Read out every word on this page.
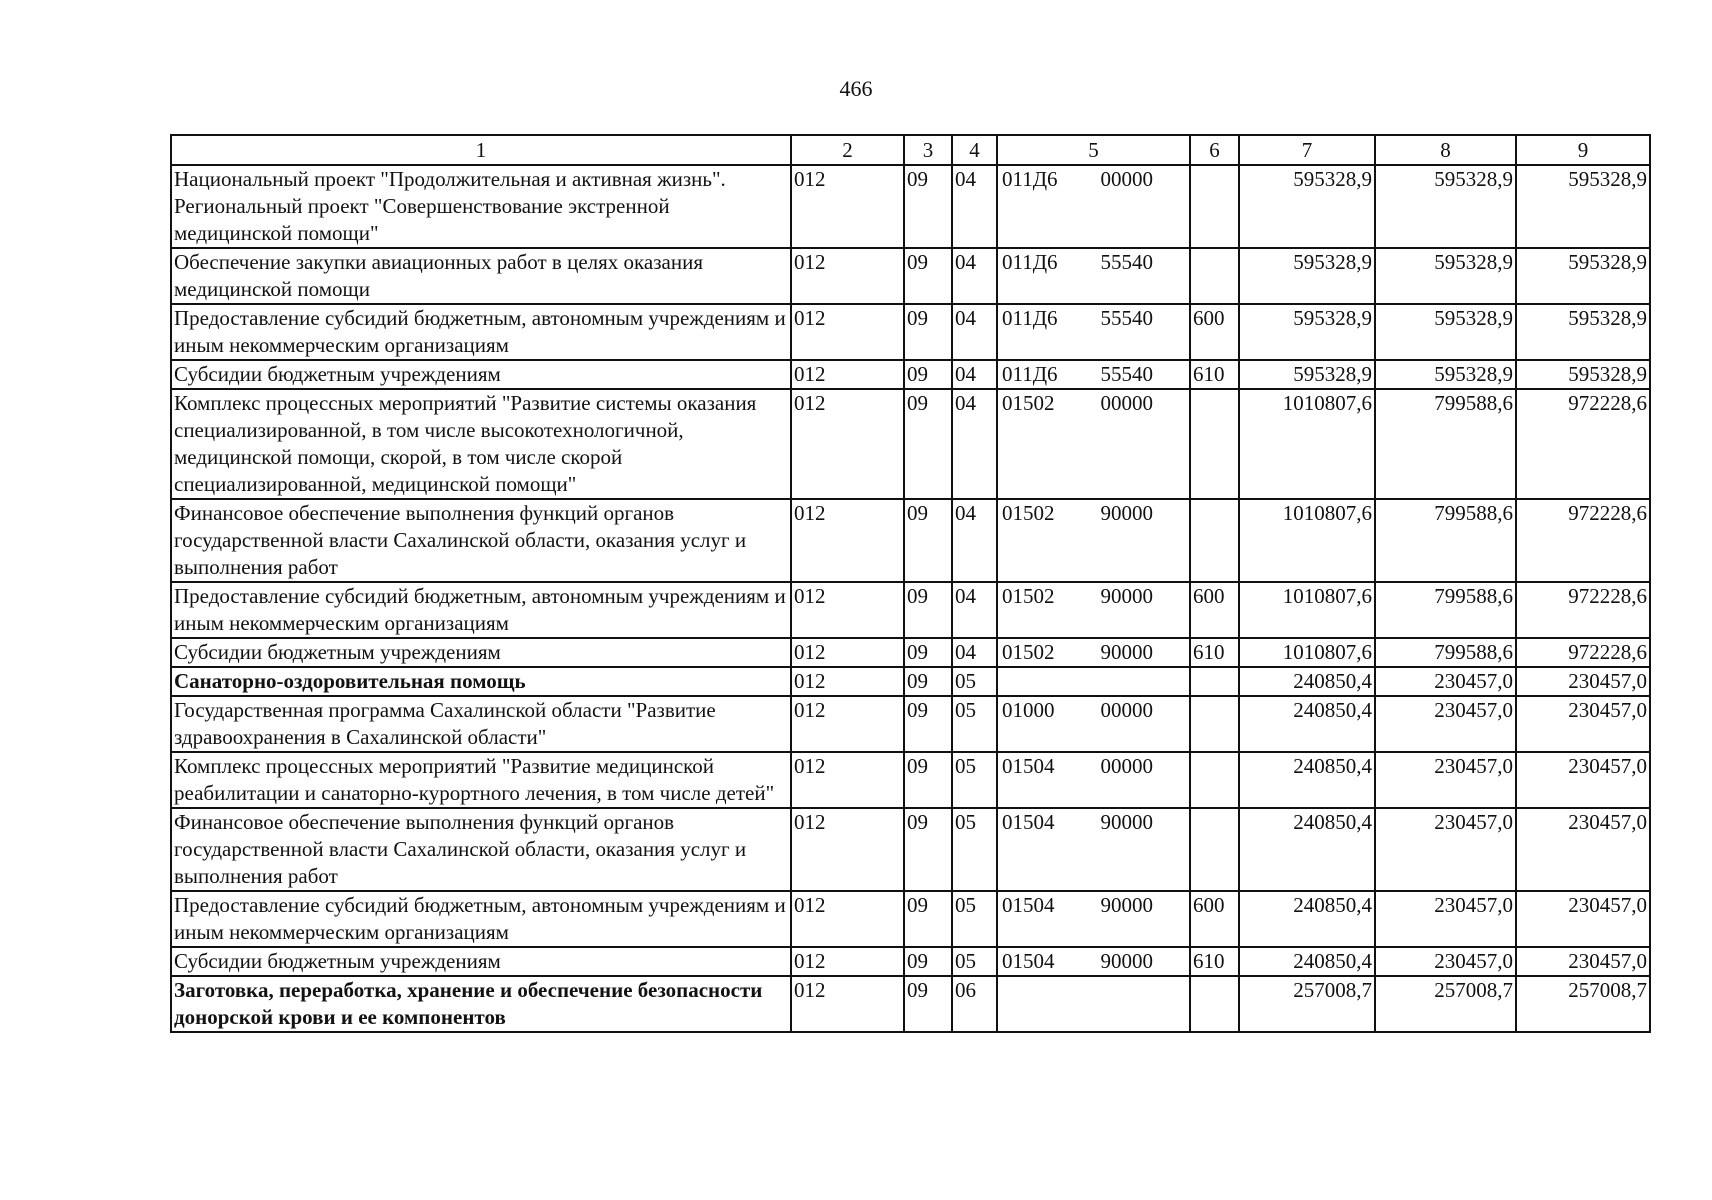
466
1	2	3	4	5	6	7	8	9
Национальный проект "Продолжительная и активная жизнь". Региональный проект "Совершенствование экстренной медицинской помощи"	012	09	04	011Д6 00000		595328,9	595328,9	595328,9
Обеспечение закупки авиационных работ в целях оказания медицинской помощи	012	09	04	011Д6 55540		595328,9	595328,9	595328,9
Предоставление субсидий бюджетным, автономным учреждениям и иным некоммерческим организациям	012	09	04	011Д6 55540	600	595328,9	595328,9	595328,9
Субсидии бюджетным учреждениям	012	09	04	011Д6 55540	610	595328,9	595328,9	595328,9
Комплекс процессных мероприятий "Развитие системы оказания специализированной, в том числе высокотехнологичной, медицинской помощи, скорой, в том числе скорой специализированной, медицинской помощи"	012	09	04	01502 00000		1010807,6	799588,6	972228,6
Финансовое обеспечение выполнения функций органов государственной власти Сахалинской области, оказания услуг и выполнения работ	012	09	04	01502 90000		1010807,6	799588,6	972228,6
Предоставление субсидий бюджетным, автономным учреждениям и иным некоммерческим организациям	012	09	04	01502 90000	600	1010807,6	799588,6	972228,6
Субсидии бюджетным учреждениям	012	09	04	01502 90000	610	1010807,6	799588,6	972228,6
Санаторно-оздоровительная помощь	012	09	05			240850,4	230457,0	230457,0
Государственная программа Сахалинской области "Развитие здравоохранения в Сахалинской области"	012	09	05	01000 00000		240850,4	230457,0	230457,0
Комплекс процессных мероприятий "Развитие медицинской реабилитации и санаторно-курортного лечения, в том числе детей"	012	09	05	01504 00000		240850,4	230457,0	230457,0
Финансовое обеспечение выполнения функций органов государственной власти Сахалинской области, оказания услуг и выполнения работ	012	09	05	01504 90000		240850,4	230457,0	230457,0
Предоставление субсидий бюджетным, автономным учреждениям и иным некоммерческим организациям	012	09	05	01504 90000	600	240850,4	230457,0	230457,0
Субсидии бюджетным учреждениям	012	09	05	01504 90000	610	240850,4	230457,0	230457,0
Заготовка, переработка, хранение и обеспечение безопасности донорской крови и ее компонентов	012	09	06			257008,7	257008,7	257008,7
